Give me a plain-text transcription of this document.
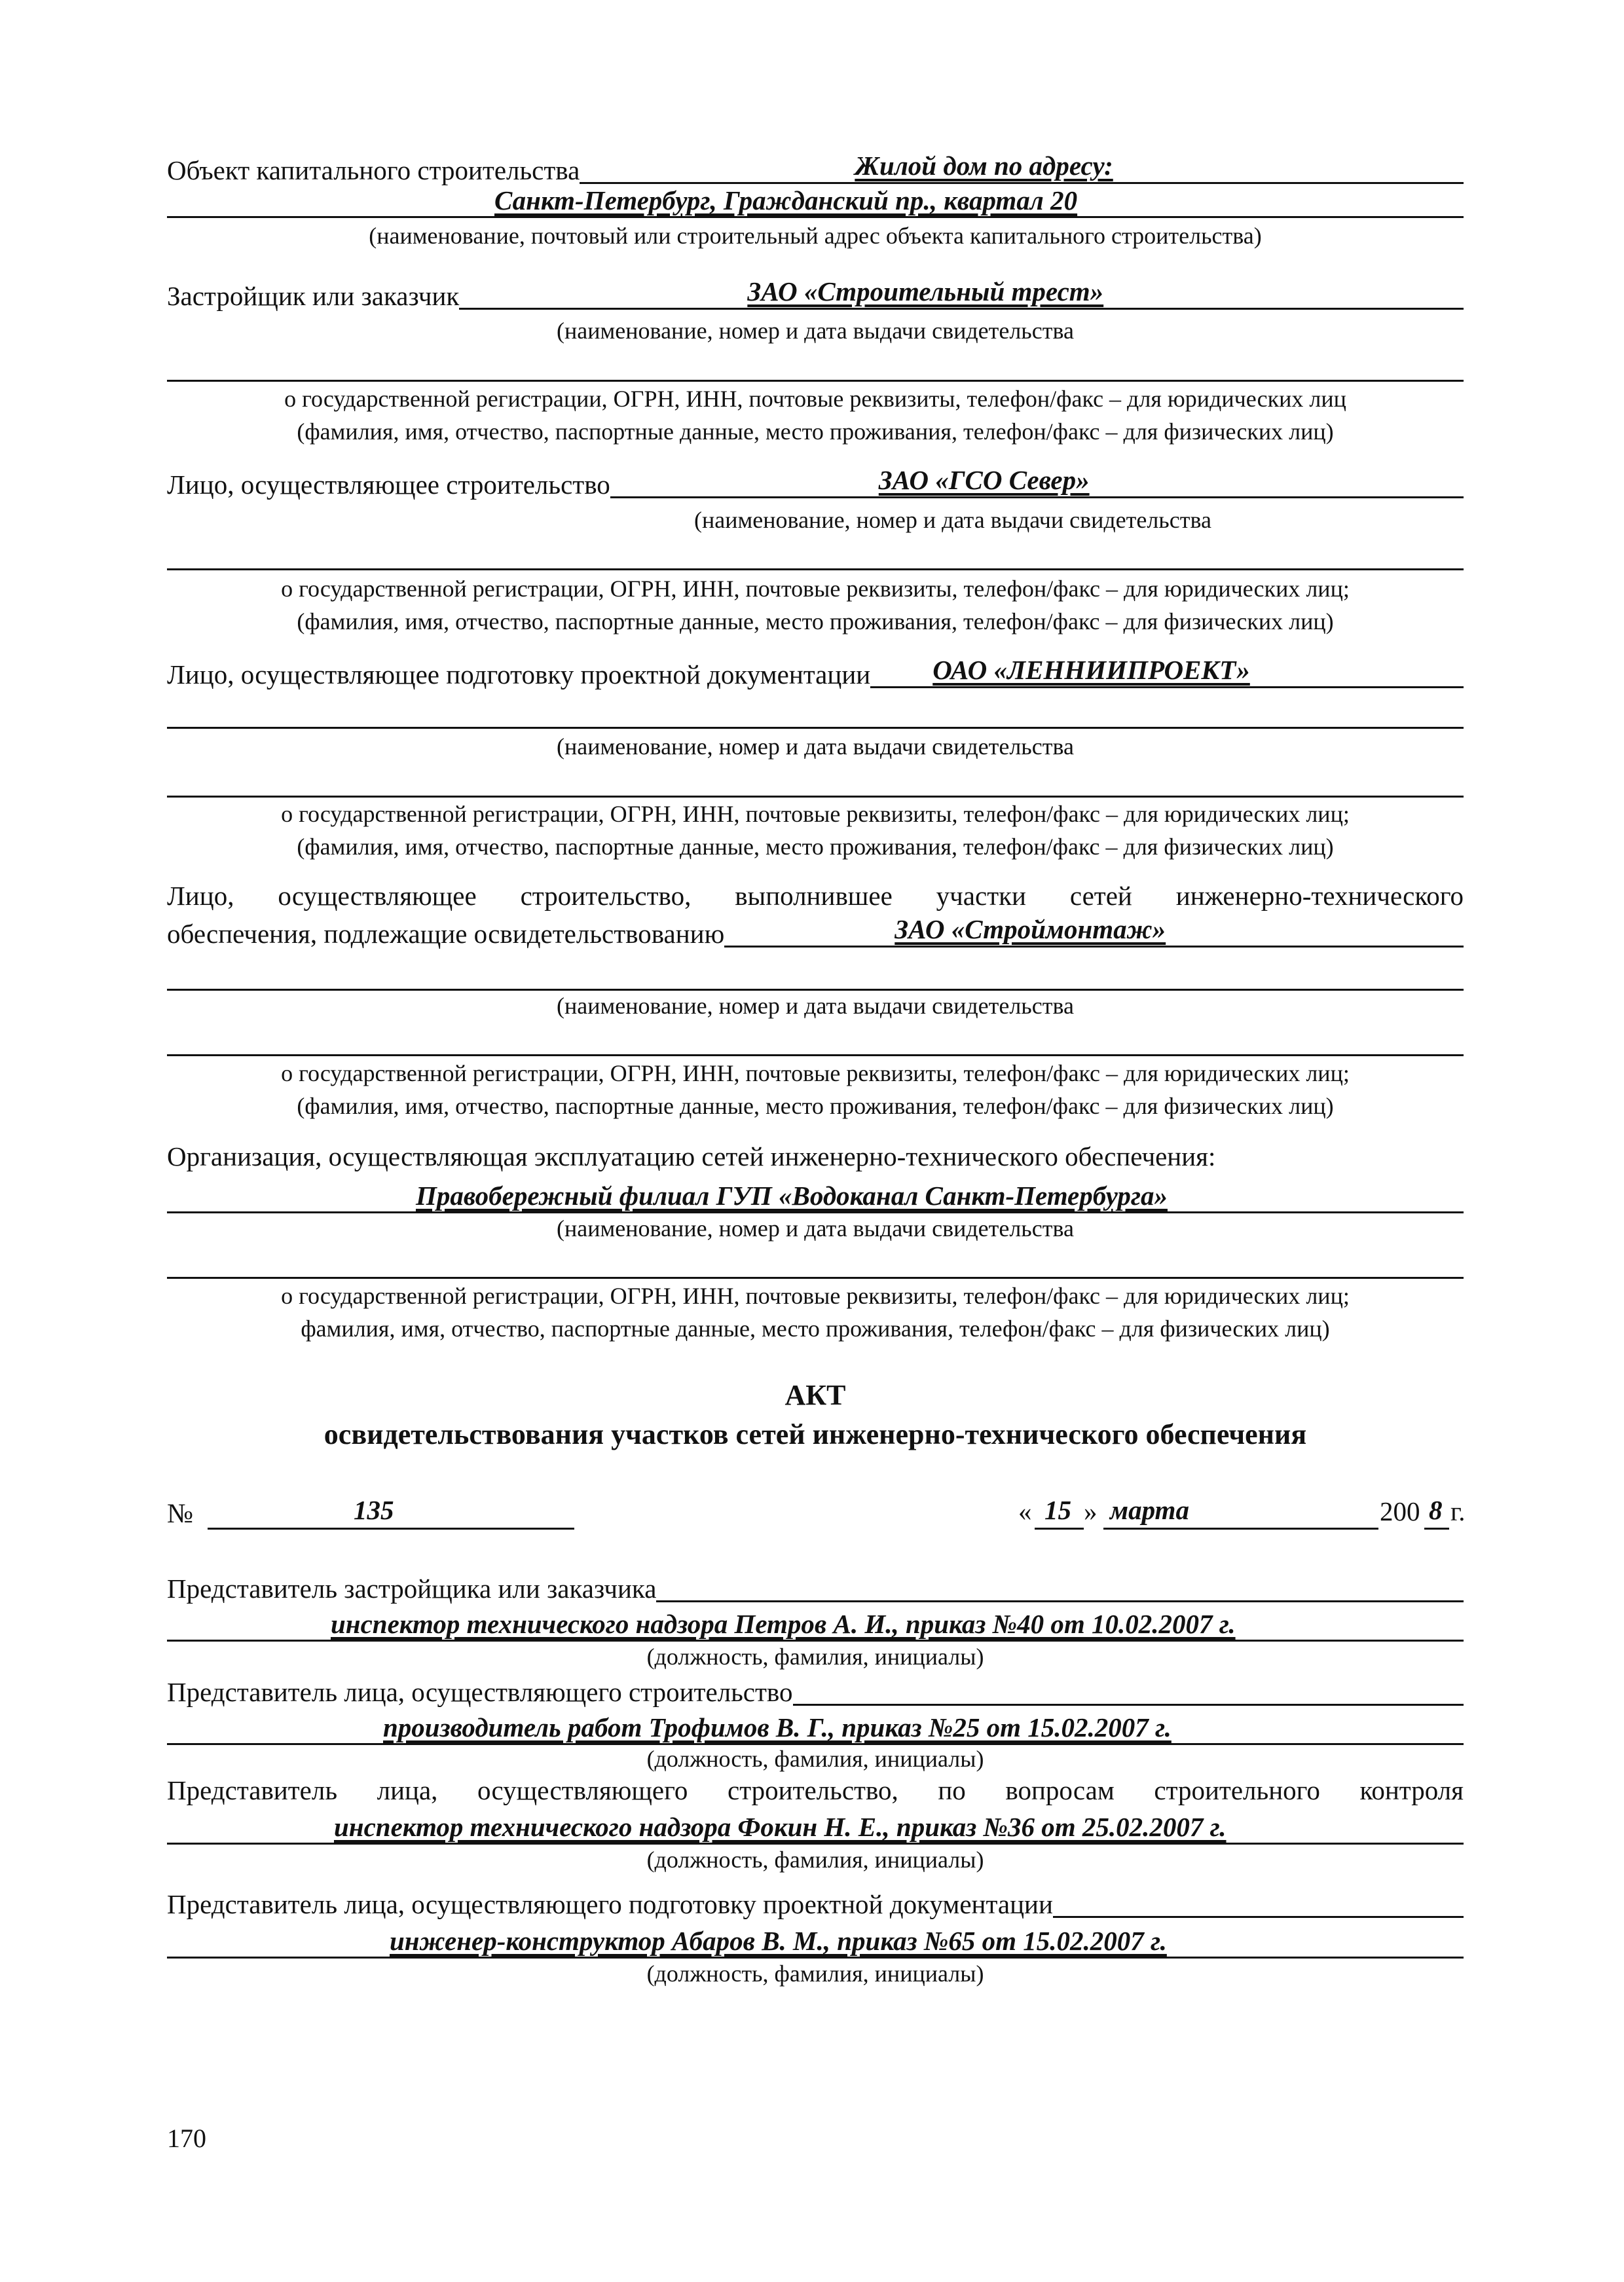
Объект капитального строительства	Жилой дом по адресу:
Санкт-Петербург, Гражданский пр., квартал 20
(наименование, почтовый или строительный адрес объекта капитального строительства)
Застройщик или заказчик	ЗАО «Строительный трест»
(наименование, номер и дата выдачи свидетельства
о государственной регистрации, ОГРН, ИНН, почтовые реквизиты, телефон/факс – для юридических лиц
(фамилия, имя, отчество, паспортные данные, место проживания, телефон/факс – для физических лиц)
Лицо, осуществляющее строительство	ЗАО «ГСО Север»
(наименование, номер и дата выдачи свидетельства
о государственной регистрации, ОГРН, ИНН, почтовые реквизиты, телефон/факс – для юридических лиц;
(фамилия, имя, отчество, паспортные данные, место проживания, телефон/факс – для физических лиц)
Лицо, осуществляющее подготовку проектной документации	ОАО «ЛЕННИИПРОЕКТ»
(наименование, номер и дата выдачи свидетельства
о государственной регистрации, ОГРН, ИНН, почтовые реквизиты, телефон/факс – для юридических лиц;
(фамилия, имя, отчество, паспортные данные, место проживания, телефон/факс – для физических лиц)
Лицо, осуществляющее строительство, выполнившее участки сетей инженерно-технического
обеспечения, подлежащие освидетельствованию	ЗАО «Строймонтаж»
(наименование, номер и дата выдачи свидетельства
о государственной регистрации, ОГРН, ИНН, почтовые реквизиты, телефон/факс – для юридических лиц;
(фамилия, имя, отчество, паспортные данные, место проживания, телефон/факс – для физических лиц)
Организация, осуществляющая эксплуатацию сетей инженерно-технического обеспечения:
Правобережный филиал ГУП «Водоканал Санкт-Петербурга»
(наименование, номер и дата выдачи свидетельства
о государственной регистрации, ОГРН, ИНН, почтовые реквизиты, телефон/факс – для юридических лиц;
фамилия, имя, отчество, паспортные данные, место проживания, телефон/факс – для физических лиц)
АКТ
освидетельствования участков сетей инженерно-технического обеспечения
№	135	« 15 » марта	200 8 г.
Представитель застройщика или заказчика
инспектор технического надзора Петров А. И., приказ №40 от 10.02.2007 г.
(должность, фамилия, инициалы)
Представитель лица, осуществляющего строительство
производитель работ Трофимов В. Г., приказ №25 от 15.02.2007 г.
(должность, фамилия, инициалы)
Представитель лица, осуществляющего строительство, по вопросам строительного контроля
инспектор технического надзора Фокин Н. Е., приказ №36 от 25.02.2007 г.
(должность, фамилия, инициалы)
Представитель лица, осуществляющего подготовку проектной документации
инженер-конструктор Абаров В. М., приказ №65 от 15.02.2007 г.
(должность, фамилия, инициалы)
170
